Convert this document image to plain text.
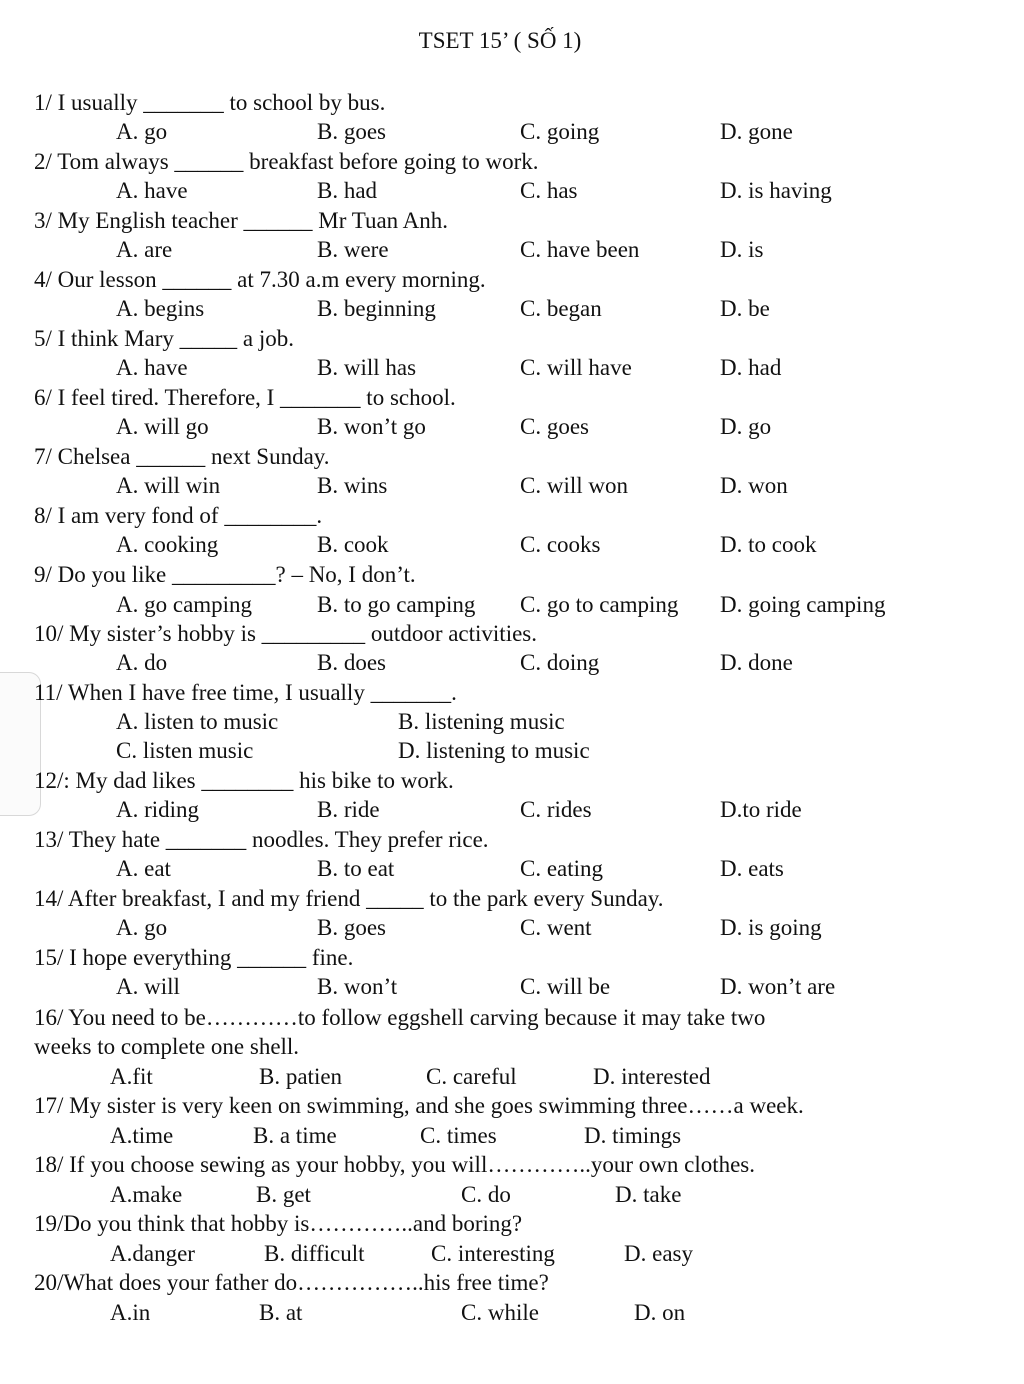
TSET 15’ ( SỐ 1)
1/ I usually _______ to school by bus.
A. go	B. goes	C. going	D. gone
2/ Tom always ______ breakfast before going to work.
A. have	B. had	C. has	D. is having
3/ My English teacher ______ Mr Tuan Anh.
A. are	B. were	C. have been	D. is
4/ Our lesson ______ at 7.30 a.m every morning.
A. begins	B. beginning	C. began	D. be
5/ I think Mary _____ a job.
A. have	B. will has	C. will have	D. had
6/ I feel tired. Therefore, I _______ to school.
A. will go	B. won’t go	C. goes	D. go
7/ Chelsea ______ next Sunday.
A. will win	B. wins	C. will won	D. won
8/ I am very fond of ________.
A. cooking	B. cook	C. cooks	D. to cook
9/ Do you like _________? – No, I don’t.
A. go camping	B. to go camping C. go to camping D. going camping
10/ My sister’s hobby is _________ outdoor activities.
A. do	B. does	C. doing	D. done
11/ When I have free time, I usually _______.
A. listen to music	B. listening music
C. listen music	D. listening to music
12/: My dad likes ________ his bike to work.
A. riding	B. ride	C. rides	D.to ride
13/ They hate _______ noodles. They prefer rice.
A. eat	B. to eat	C. eating	D. eats
14/ After breakfast, I and my friend _____ to the park every Sunday.
A. go	B. goes	C. went	D. is going
15/ I hope everything ______ fine.
A. will	B. won’t	C. will be	D. won’t are
16/ You need to be…………to follow eggshell carving because it may take two
weeks to complete one shell.
A.fit	B. patien	C. careful	D. interested
17/ My sister is very keen on swimming, and she goes swimming three……a week.
A.time	B. a time	C. times	D. timings
18/ If you choose sewing as your hobby, you will…………..your own clothes.
A.make	B. get	C. do	D. take
19/Do you think that hobby is…………..and boring?
A.danger	B. difficult	C. interesting	D. easy
20/What does your father do……………..his free time?
A.in	B. at	C. while	D. on
